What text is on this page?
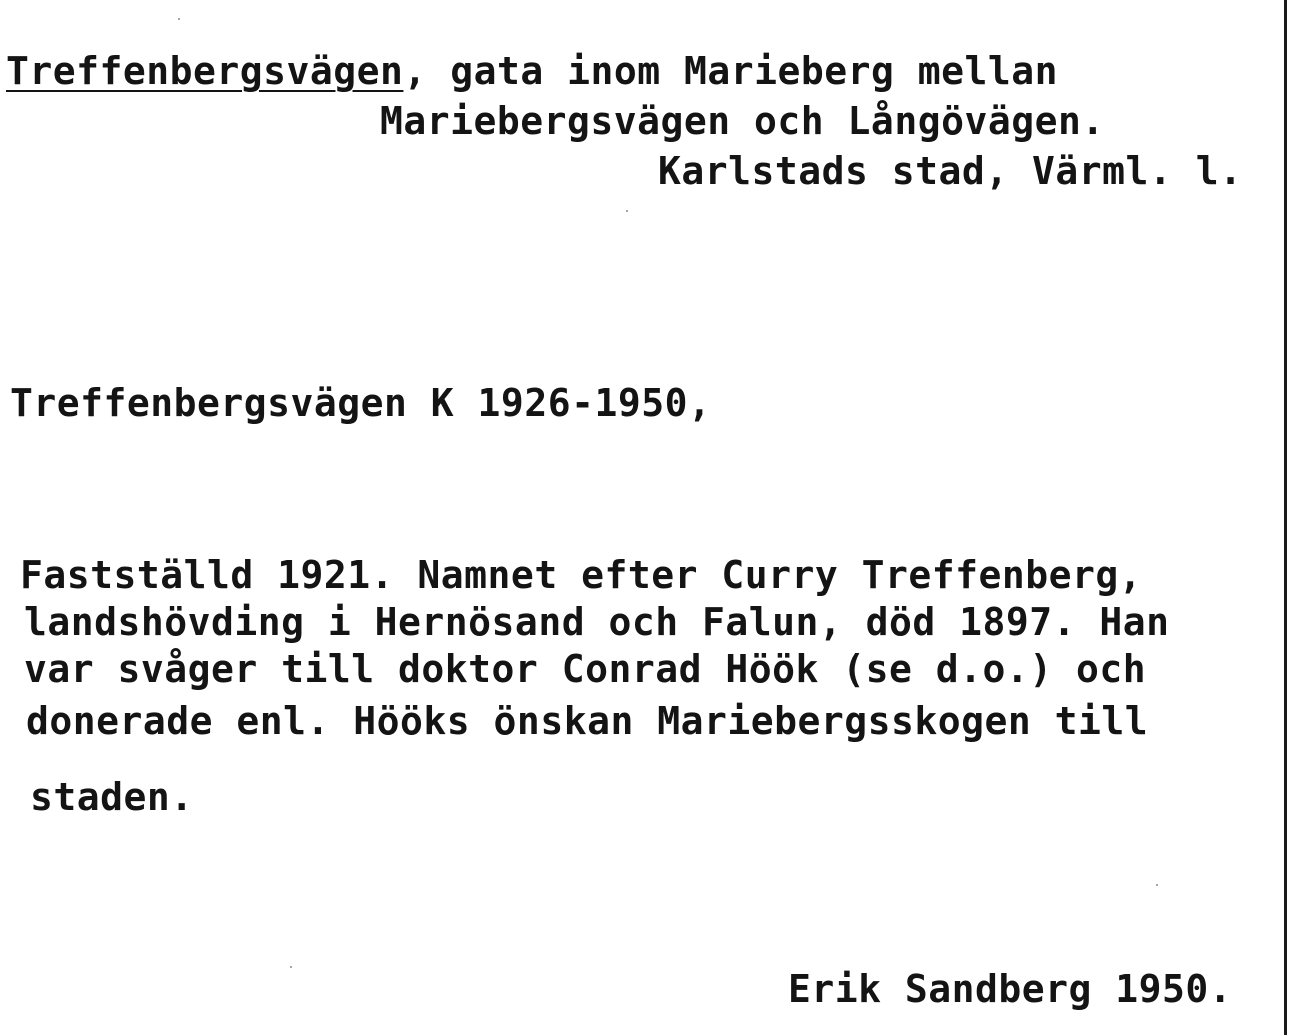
Treffenbergsvägen, gata inom Marieberg mellan

Mariebergsvägen och Långövägen.

Karlstads stad, Värml. l.

Treffenbergsvägen K 1926-1950,

Fastställd 1921. Namnet efter Curry Treffenberg,

landshövding i Hernösand och Falun, död 1897. Han

var svåger till doktor Conrad Höök (se d.o.) och

donerade enl. Hööks önskan Mariebergsskogen till

staden.

Erik Sandberg 1950.
